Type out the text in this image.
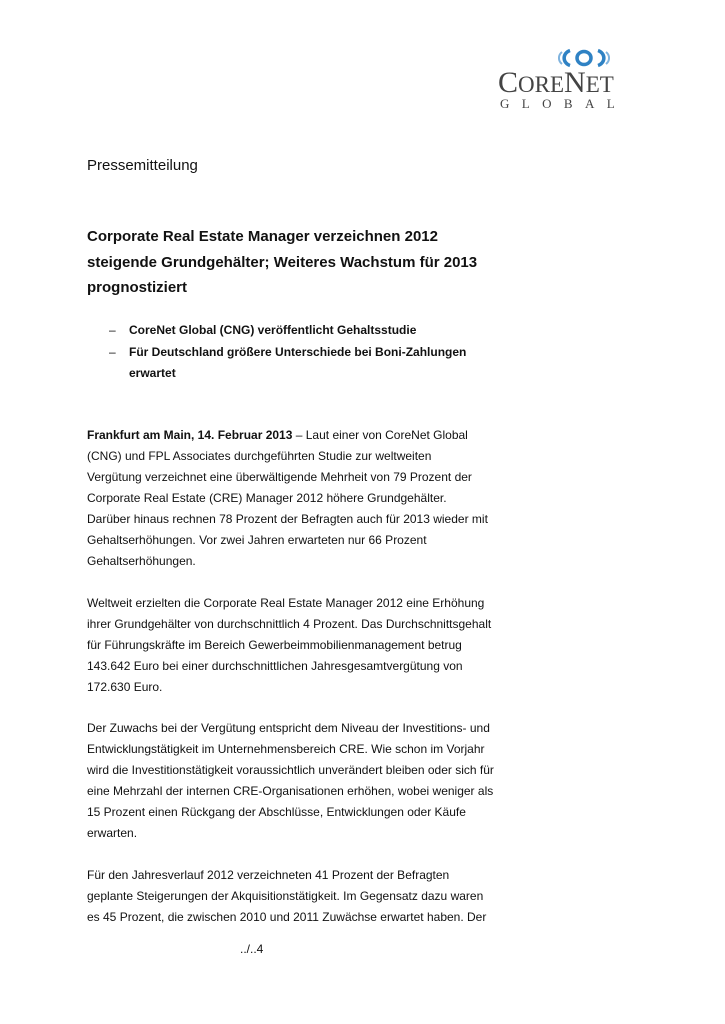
CORENET
GLOBAL
Pressemitteilung
Corporate Real Estate Manager verzeichnen 2012
steigende Grundgehälter; Weiteres Wachstum für 2013
prognostiziert
– CoreNet Global (CNG) veröffentlicht Gehaltsstudie
– Für Deutschland größere Unterschiede bei Boni-Zahlungen
erwartet
Frankfurt am Main, 14. Februar 2013 – Laut einer von CoreNet Global
(CNG) und FPL Associates durchgeführten Studie zur weltweiten
Vergütung verzeichnet eine überwältigende Mehrheit von 79 Prozent der
Corporate Real Estate (CRE) Manager 2012 höhere Grundgehälter.
Darüber hinaus rechnen 78 Prozent der Befragten auch für 2013 wieder mit
Gehaltserhöhungen. Vor zwei Jahren erwarteten nur 66 Prozent
Gehaltserhöhungen.
Weltweit erzielten die Corporate Real Estate Manager 2012 eine Erhöhung
ihrer Grundgehälter von durchschnittlich 4 Prozent. Das Durchschnittsgehalt
für Führungskräfte im Bereich Gewerbeimmobilienmanagement betrug
143.642 Euro bei einer durchschnittlichen Jahresgesamtvergütung von
172.630 Euro.
Der Zuwachs bei der Vergütung entspricht dem Niveau der Investitions- und
Entwicklungstätigkeit im Unternehmensbereich CRE. Wie schon im Vorjahr
wird die Investitionstätigkeit voraussichtlich unverändert bleiben oder sich für
eine Mehrzahl der internen CRE-Organisationen erhöhen, wobei weniger als
15 Prozent einen Rückgang der Abschlüsse, Entwicklungen oder Käufe
erwarten.
Für den Jahresverlauf 2012 verzeichneten 41 Prozent der Befragten
geplante Steigerungen der Akquisitionstätigkeit. Im Gegensatz dazu waren
es 45 Prozent, die zwischen 2010 und 2011 Zuwächse erwartet haben. Der
../..4
